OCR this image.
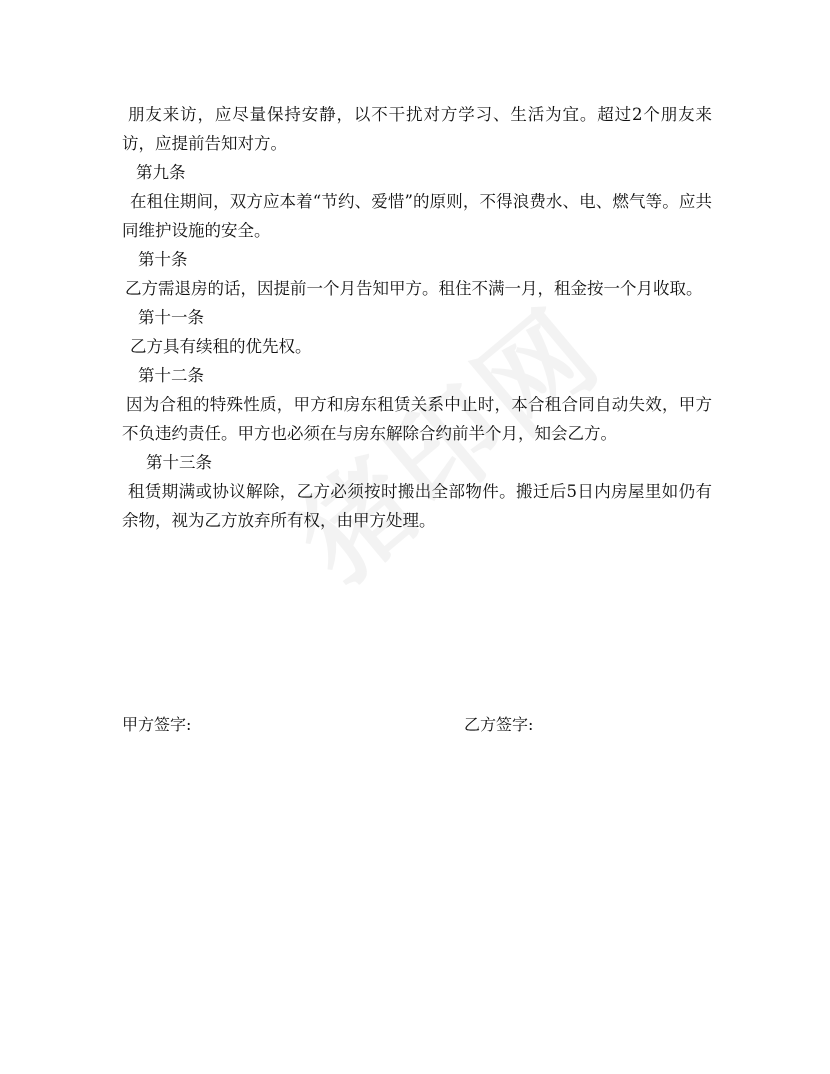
朋友来访，应尽量保持安静，以不干扰对方学习、生活为宜。超过2个朋友来访，应提前告知对方。

第九条

在租住期间，双方应本着“节约、爱惜”的原则，不得浪费水、电、燃气等。应共同维护设施的安全。

第十条

乙方需退房的话，因提前一个月告知甲方。租住不满一月，租金按一个月收取。

第十一条

乙方具有续租的优先权。

第十二条

因为合租的特殊性质，甲方和房东租赁关系中止时，本合租合同自动失效，甲方不负违约责任。甲方也必须在与房东解除合约前半个月，知会乙方。

第十三条

租赁期满或协议解除，乙方必须按时搬出全部物件。搬迁后5日内房屋里如仍有余物，视为乙方放弃所有权，由甲方处理。

甲方签字:	乙方签字:
